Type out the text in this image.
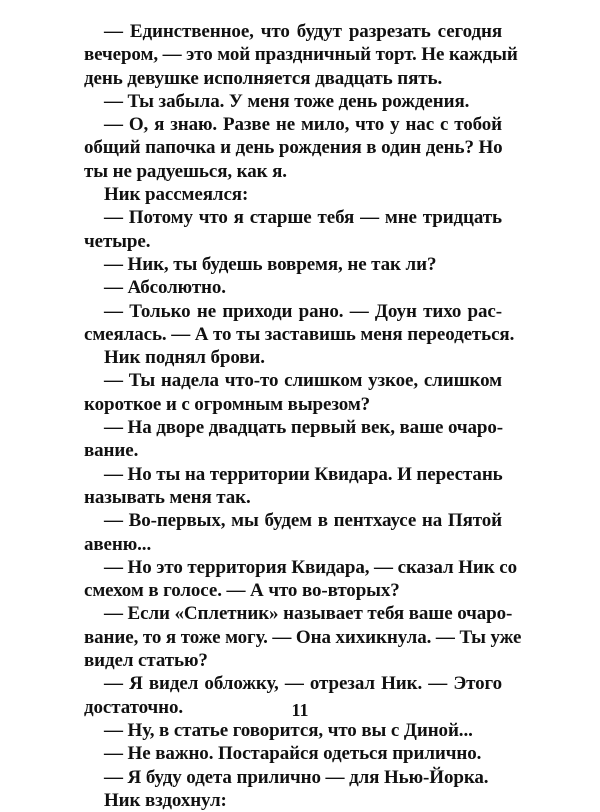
— Единственное, что будут разрезать сегодня
вечером, — это мой праздничный торт. Не каждый
день девушке исполняется двадцать пять.
— Ты забыла. У меня тоже день рождения.
— О, я знаю. Разве не мило, что у нас с тобой
общий папочка и день рождения в один день? Но
ты не радуешься, как я.
Ник рассмеялся:
— Потому что я старше тебя — мне тридцать
четыре.
— Ник, ты будешь вовремя, не так ли?
— Абсолютно.
— Только не приходи рано. — Доун тихо рас-
смеялась. — А то ты заставишь меня переодеться.
Ник поднял брови.
— Ты надела что-то слишком узкое, слишком
короткое и с огромным вырезом?
— На дворе двадцать первый век, ваше очаро-
вание.
— Но ты на территории Квидара. И перестань
называть меня так.
— Во-первых, мы будем в пентхаусе на Пятой
авеню...
— Но это территория Квидара, — сказал Ник со
смехом в голосе. — А что во-вторых?
— Если «Сплетник» называет тебя ваше очаро-
вание, то я тоже могу. — Она хихикнула. — Ты уже
видел статью?
— Я видел обложку, — отрезал Ник. — Этого
достаточно.
— Ну, в статье говорится, что вы с Диной...
— Не важно. Постарайся одеться прилично.
— Я буду одета прилично — для Нью-Йорка.
Ник вздохнул:
11
